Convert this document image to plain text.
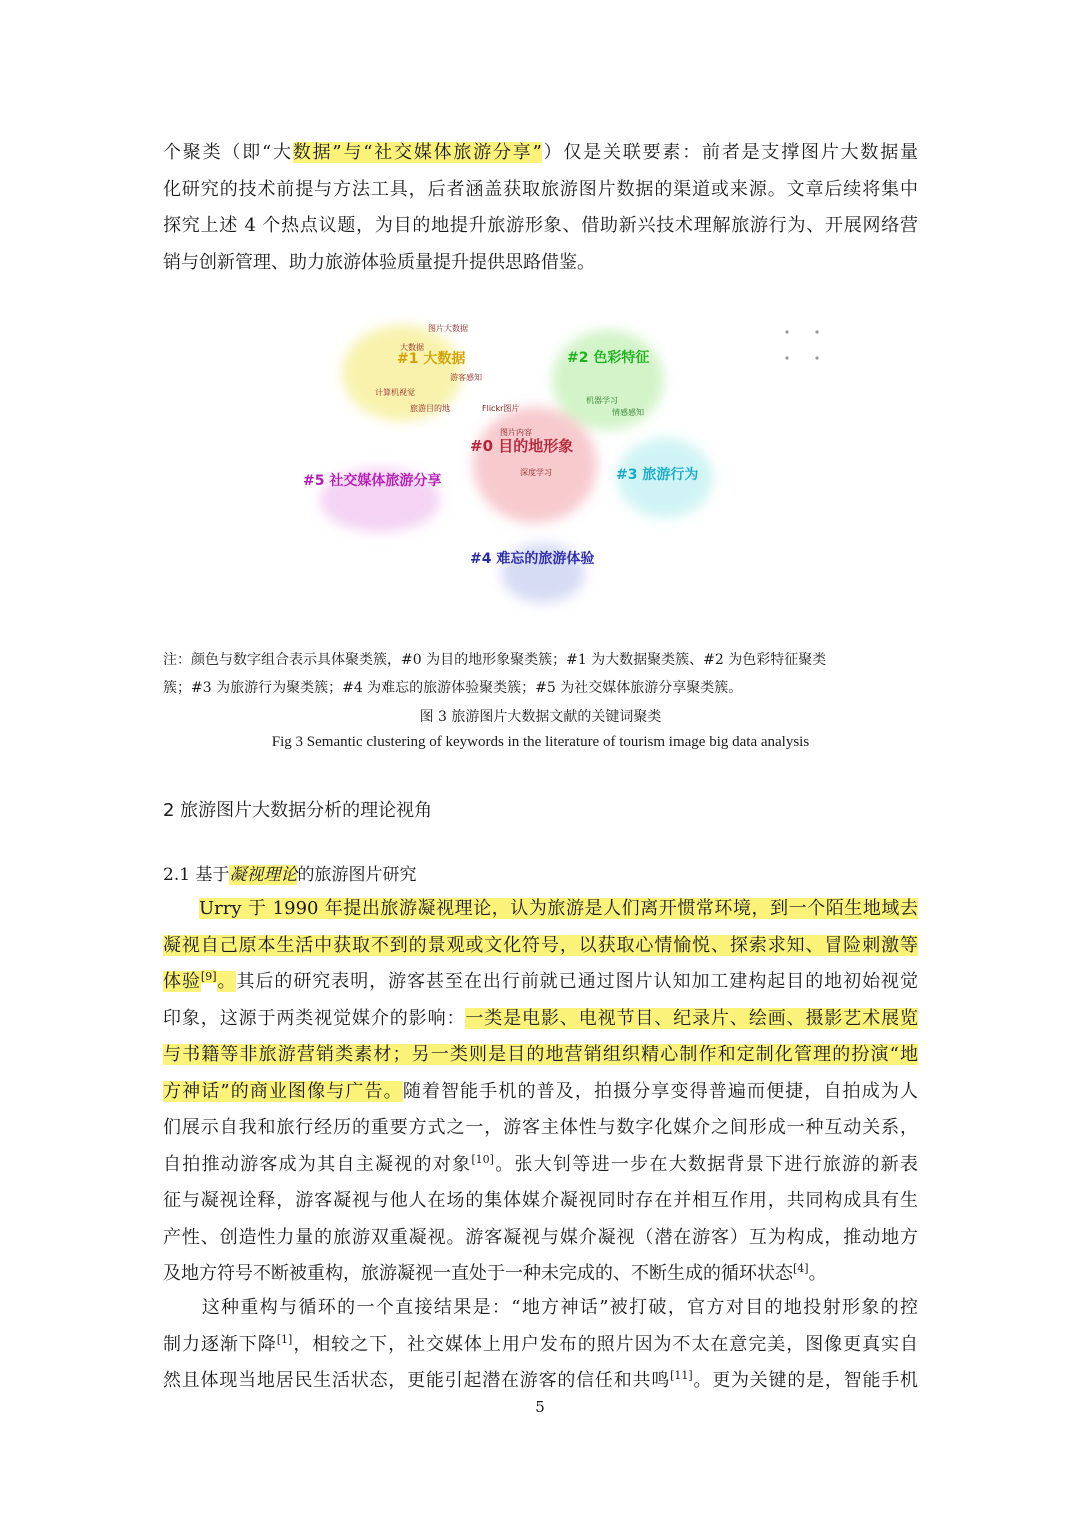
个聚类（即“大数据”与“社交媒体旅游分享”）仅是关联要素：前者是支撑图片大数据量
化研究的技术前提与方法工具，后者涵盖获取旅游图片数据的渠道或来源。文章后续将集中
探究上述 4 个热点议题，为目的地提升旅游形象、借助新兴技术理解旅游行为、开展网络营
销与创新管理、助力旅游体验质量提升提供思路借鉴。
图片大数据
大数据
计算机视觉
游客感知
旅游目的地	Flickr图片
深度学习
机器学习
情感感知
图片内容
#0 目的地形象
#1 大数据	#2 色彩特征
#3 旅游行为
#4 难忘的旅游体验
#5 社交媒体旅游分享

注：颜色与数字组合表示具体聚类簇，#0 为目的地形象聚类簇；#1 为大数据聚类簇、#2 为色彩特征聚类

簇；#3 为旅游行为聚类簇；#4 为难忘的旅游体验聚类簇；#5 为社交媒体旅游分享聚类簇。

图 3 旅游图片大数据文献的关键词聚类

Fig 3 Semantic clustering of keywords in the literature of tourism image big data analysis

2 旅游图片大数据分析的理论视角

2.1 基于凝视理论的旅游图片研究

Urry 于 1990 年提出旅游凝视理论，认为旅游是人们离开惯常环境，到一个陌生地域去
凝视自己原本生活中获取不到的景观或文化符号，以获取心情愉悦、探索求知、冒险刺激等
体验[9]。其后的研究表明，游客甚至在出行前就已通过图片认知加工建构起目的地初始视觉
印象，这源于两类视觉媒介的影响：一类是电影、电视节目、纪录片、绘画、摄影艺术展览
与书籍等非旅游营销类素材；另一类则是目的地营销组织精心制作和定制化管理的扮演“地
方神话”的商业图像与广告。随着智能手机的普及，拍摄分享变得普遍而便捷，自拍成为人
们展示自我和旅行经历的重要方式之一，游客主体性与数字化媒介之间形成一种互动关系，
自拍推动游客成为其自主凝视的对象[10]。张大钊等进一步在大数据背景下进行旅游的新表
征与凝视诠释，游客凝视与他人在场的集体媒介凝视同时存在并相互作用，共同构成具有生
产性、创造性力量的旅游双重凝视。游客凝视与媒介凝视（潜在游客）互为构成，推动地方
及地方符号不断被重构，旅游凝视一直处于一种未完成的、不断生成的循环状态[4]。
　　这种重构与循环的一个直接结果是：“地方神话”被打破，官方对目的地投射形象的控
制力逐渐下降[1]，相较之下，社交媒体上用户发布的照片因为不太在意完美，图像更真实自
然且体现当地居民生活状态，更能引起潜在游客的信任和共鸣[11]。更为关键的是，智能手机
5
